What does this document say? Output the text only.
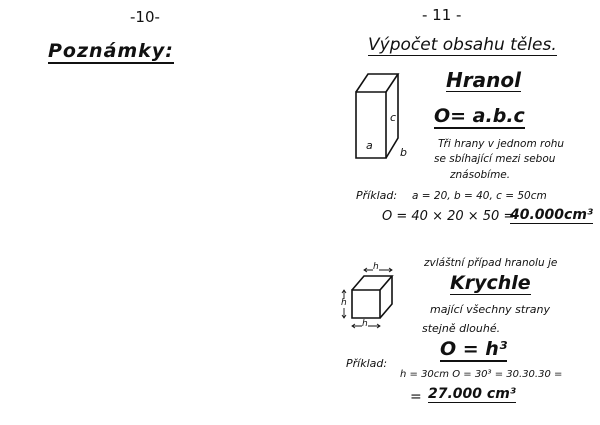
-10-
Poznámky:
- 11 -
Výpočet obsahu těles.
c
a
b
Hranol
O= a.b.c
Tři hrany v jednom rohu
se sbíhající mezi sebou
znásobíme.
Příklad: a = 20, b = 40, c = 50cm
O = 40 × 20 × 50 =
40.000cm³
zvláštní případ hranolu je
Krychle
h
h
h
mající všechny strany
stejně dlouhé.
O = h³
Příklad:
h = 30cm O = 30³ = 30.30.30 =
= 27.000 cm³
